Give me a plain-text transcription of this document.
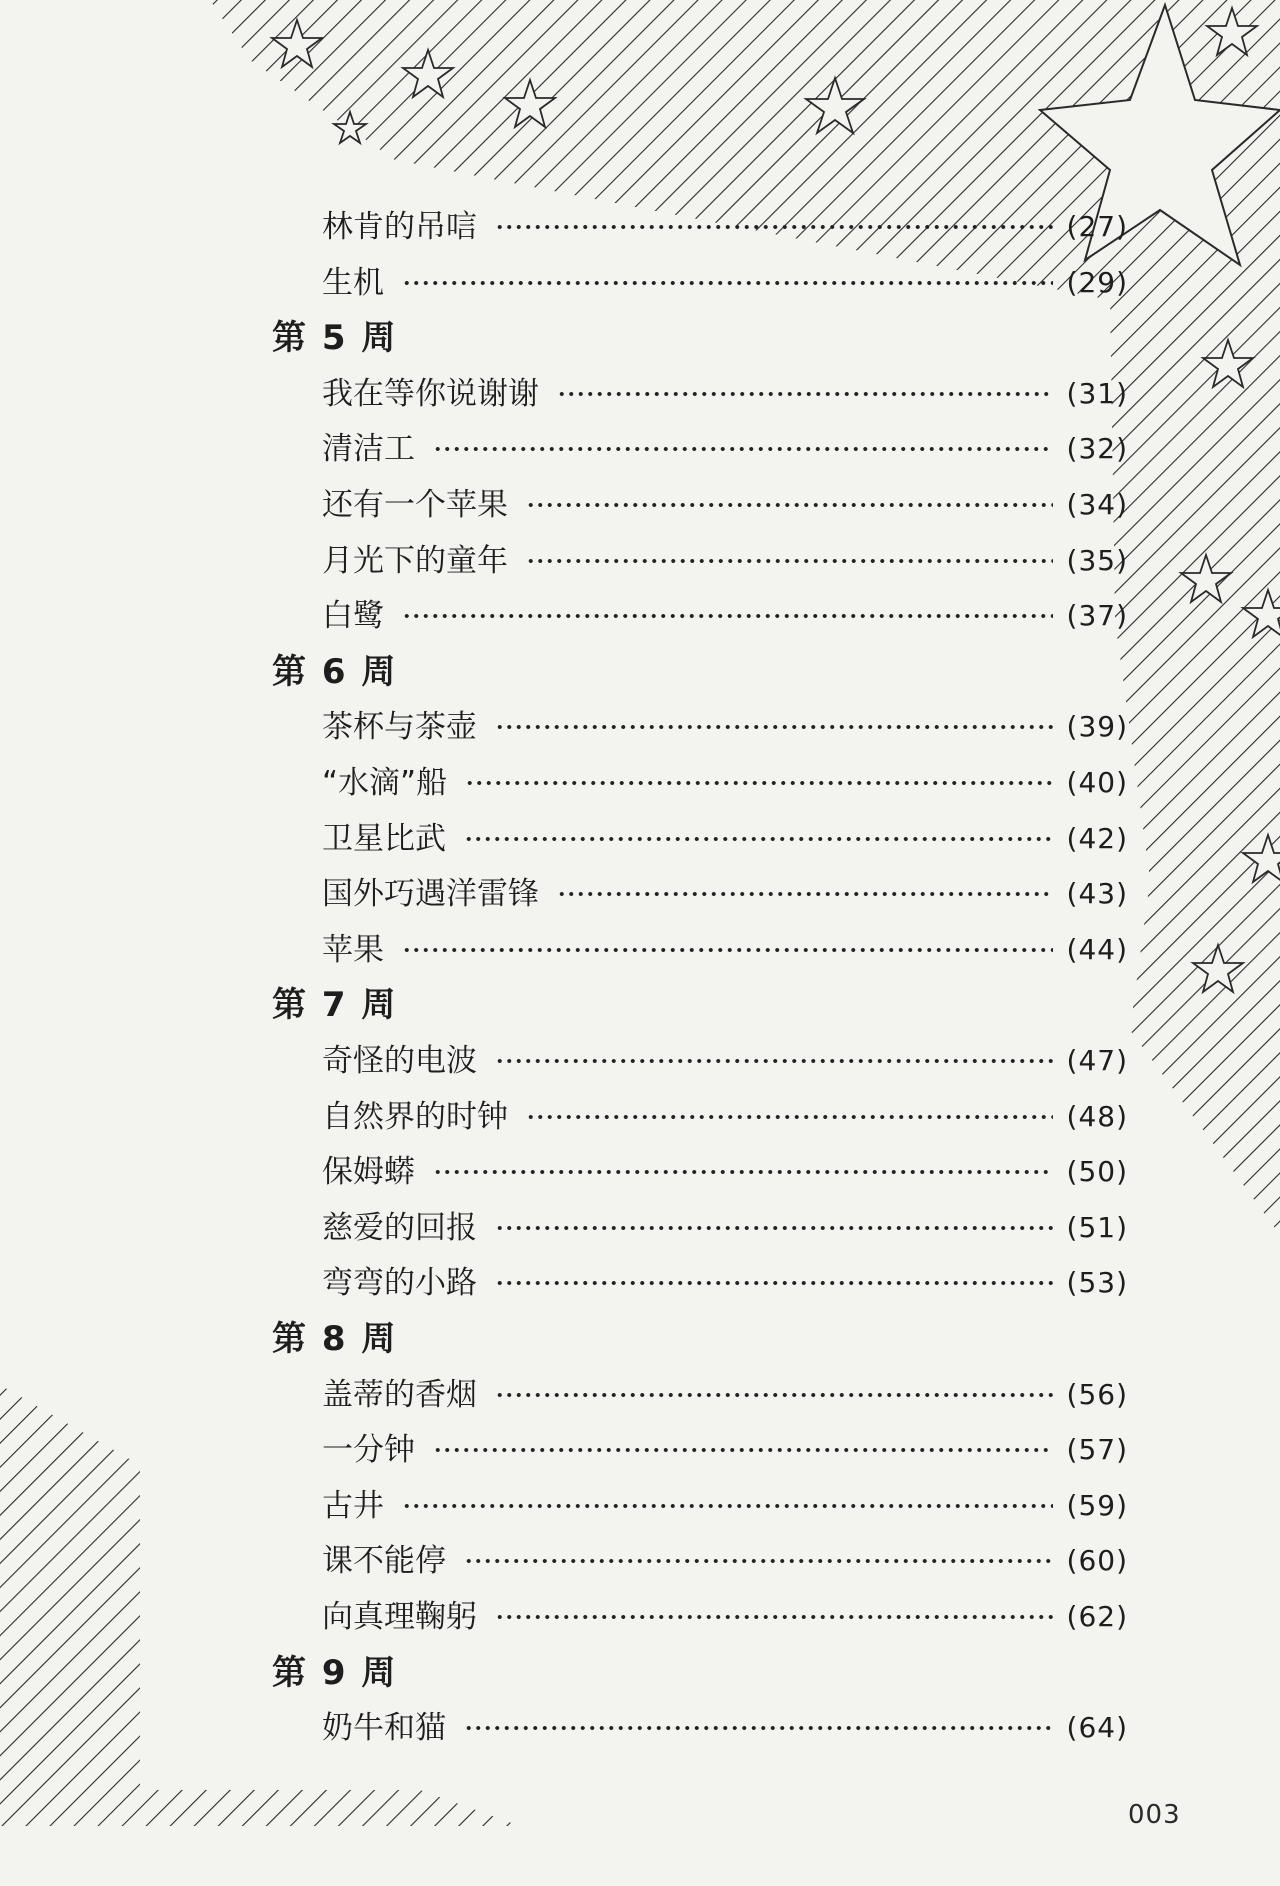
林肯的吊唁	(27)
生机	(29)
第 5 周
我在等你说谢谢	(31)
清洁工	(32)
还有一个苹果	(34)
月光下的童年	(35)
白鹭	(37)
第 6 周
茶杯与茶壶	(39)
“水滴”船	(40)
卫星比武	(42)
国外巧遇洋雷锋	(43)
苹果	(44)
第 7 周
奇怪的电波	(47)
自然界的时钟	(48)
保姆蟒	(50)
慈爱的回报	(51)
弯弯的小路	(53)
第 8 周
盖蒂的香烟	(56)
一分钟	(57)
古井	(59)
课不能停	(60)
向真理鞠躬	(62)
第 9 周
奶牛和猫	(64)
003
